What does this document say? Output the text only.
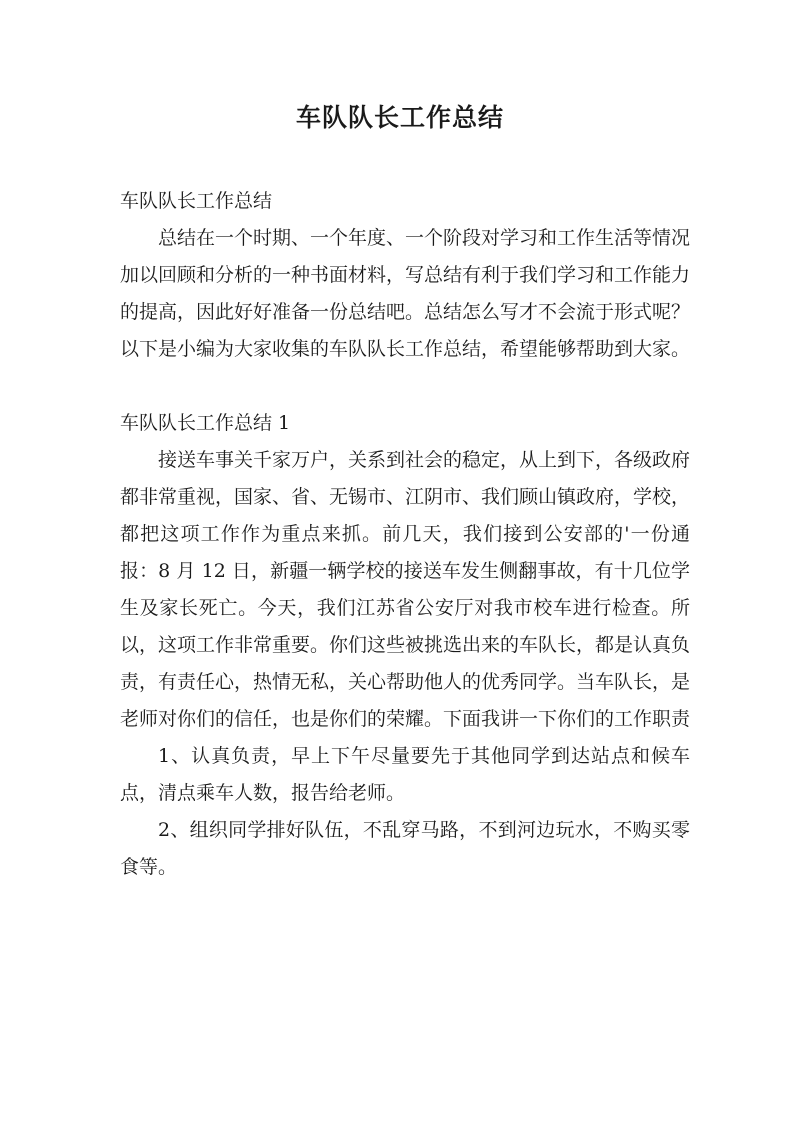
车队队长工作总结

车队队长工作总结

总结在一个时期、一个年度、一个阶段对学习和工作生活等情况加以回顾和分析的一种书面材料，写总结有利于我们学习和工作能力的提高，因此好好准备一份总结吧。总结怎么写才不会流于形式呢？以下是小编为大家收集的车队队长工作总结，希望能够帮助到大家。

车队队长工作总结 1

接送车事关千家万户，关系到社会的稳定，从上到下，各级政府都非常重视，国家、省、无锡市、江阴市、我们顾山镇政府，学校，都把这项工作作为重点来抓。前几天，我们接到公安部的'一份通报：8 月 12 日，新疆一辆学校的接送车发生侧翻事故，有十几位学生及家长死亡。今天，我们江苏省公安厅对我市校车进行检查。所以，这项工作非常重要。你们这些被挑选出来的车队长，都是认真负责，有责任心，热情无私，关心帮助他人的优秀同学。当车队长，是老师对你们的信任，也是你们的荣耀。下面我讲一下你们的工作职责

1、认真负责，早上下午尽量要先于其他同学到达站点和候车点，清点乘车人数，报告给老师。

2、组织同学排好队伍，不乱穿马路，不到河边玩水，不购买零食等。
